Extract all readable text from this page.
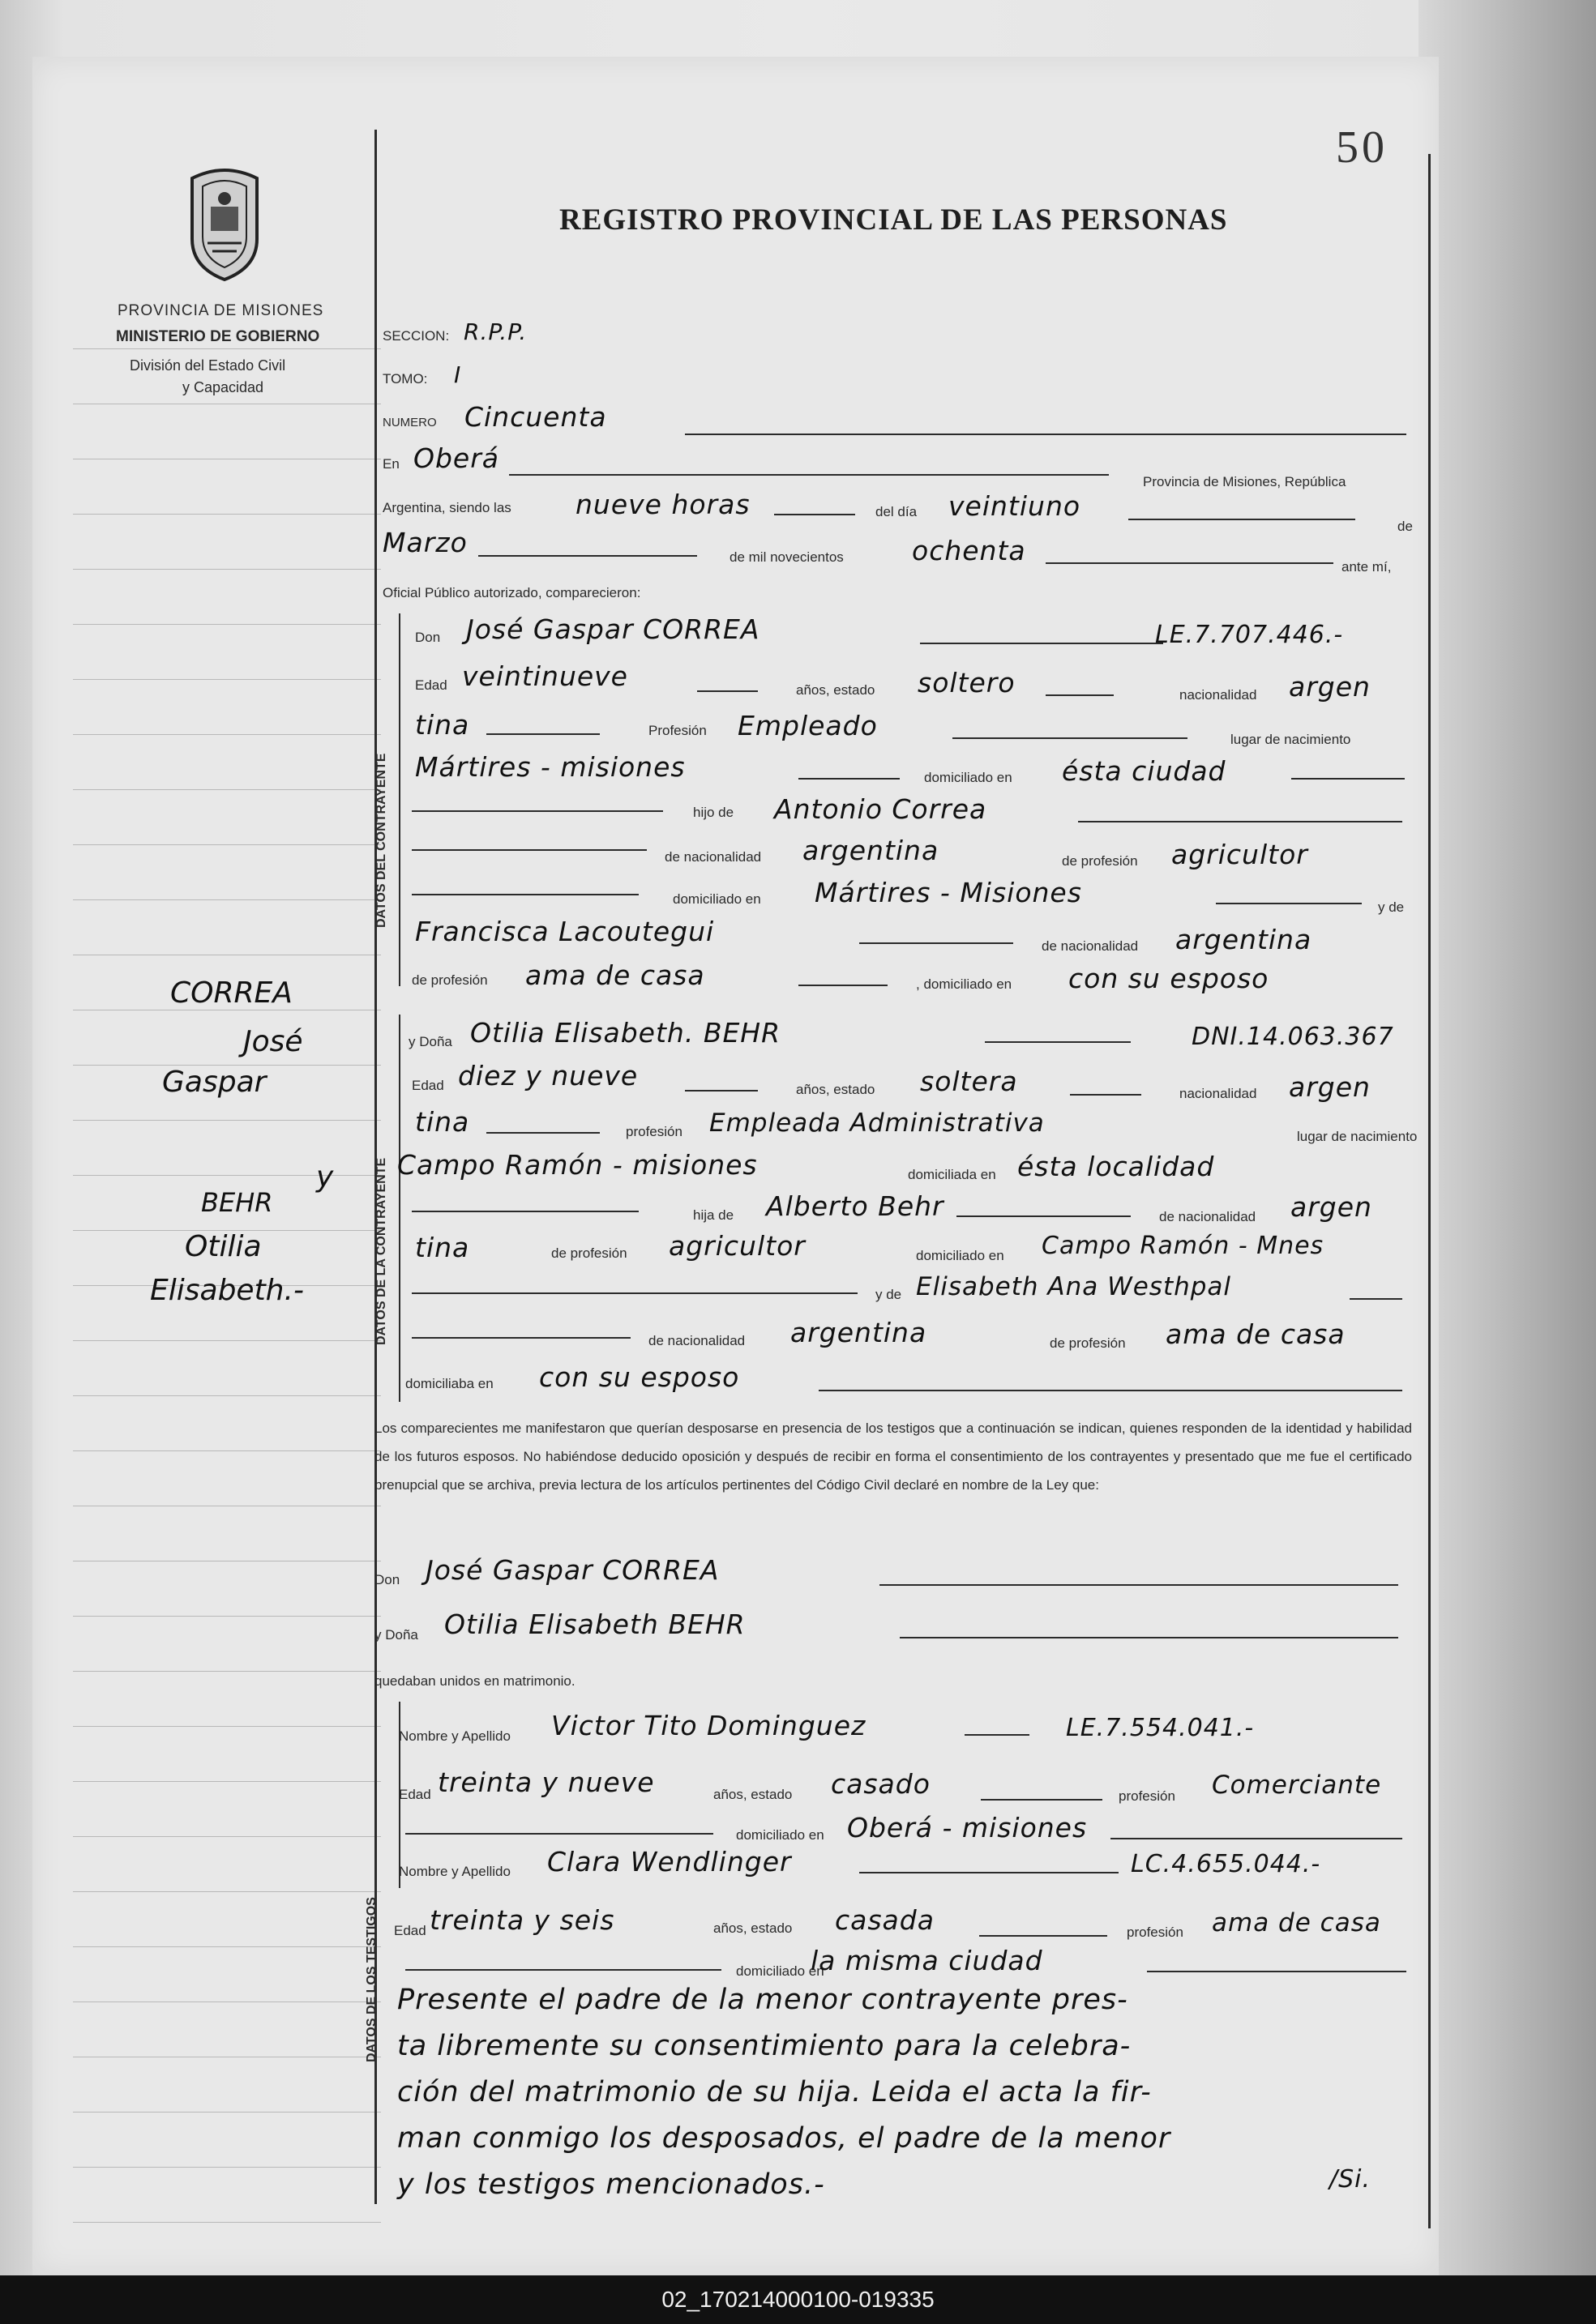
50
PROVINCIA DE MISIONES
MINISTERIO DE GOBIERNO
División del Estado Civil
y Capacidad
REGISTRO PROVINCIAL DE LAS PERSONAS
CORREA
José
Gaspar
y
BEHR
Otilia
Elisabeth.-
SECCION: R.P.P.
TOMO: I
NUMERO Cincuenta
En Oberá
Provincia de Misiones, República
Argentina, siendo las nueve horas	del día veintiuno
de
Marzo	de mil novecientos	ochenta
ante mí,
Oficial Público autorizado, comparecieron:
DATOS DEL CONTRAYENTE
Don José Gaspar CORREA	LE.7.707.446.-
Edad veintinueve	años, estado soltero	nacionalidad argen
tina	Profesión Empleado	lugar de nacimiento
Mártires - misiones	domiciliado en ésta ciudad
hijo de Antonio Correa
de nacionalidad argentina	de profesión agricultor
domiciliado en Mártires - Misiones	y de
Francisca Lacoutegui	de nacionalidad argentina
de profesión ama de casa	, domiciliado en con su esposo
DATOS DE LA CONTRAYENTE
y Doña Otilia Elisabeth. BEHR	DNI.14.063.367
Edad diez y nueve	años, estado soltera	nacionalidad argen
tina	profesión Empleada Administrativa	lugar de nacimiento
Campo Ramón - misiones	domiciliada en ésta localidad
hija de Alberto Behr	de nacionalidad argen
tina	de profesión agricultor	domiciliado en Campo Ramón - Mnes
y de Elisabeth Ana Westhpal
de nacionalidad argentina	de profesión ama de casa
domiciliaba en con su esposo
Los comparecientes me manifestaron que querían desposarse en presencia de los testigos que a continuación se indican, quienes responden de la identidad y habilidad de los futuros esposos. No habiéndose deducido oposición y después de recibir en forma el consentimiento de los contrayentes y presentado que me fue el certificado prenupcial que se archiva, previa lectura de los artículos pertinentes del Código Civil declaré en nombre de la Ley que:
Don José Gaspar CORREA
y Doña Otilia Elisabeth BEHR
quedaban unidos en matrimonio.
DATOS DE LOS TESTIGOS
Nombre y Apellido Victor Tito Dominguez	LE.7.554.041.-
Edad treinta y nueve	años, estado casado	profesión Comerciante
domiciliado en Oberá - misiones
Nombre y Apellido Clara Wendlinger	LC.4.655.044.-
Edad treinta y seis	años, estado casada	profesión ama de casa
domiciliado en
la misma ciudad
Presente el padre de la menor contrayente pres-
ta libremente su consentimiento para la celebra-
ción del matrimonio de su hija. Leida el acta la fir-
man conmigo los desposados, el padre de la menor
y los testigos mencionados.-	/Si.
02_170214000100-019335
